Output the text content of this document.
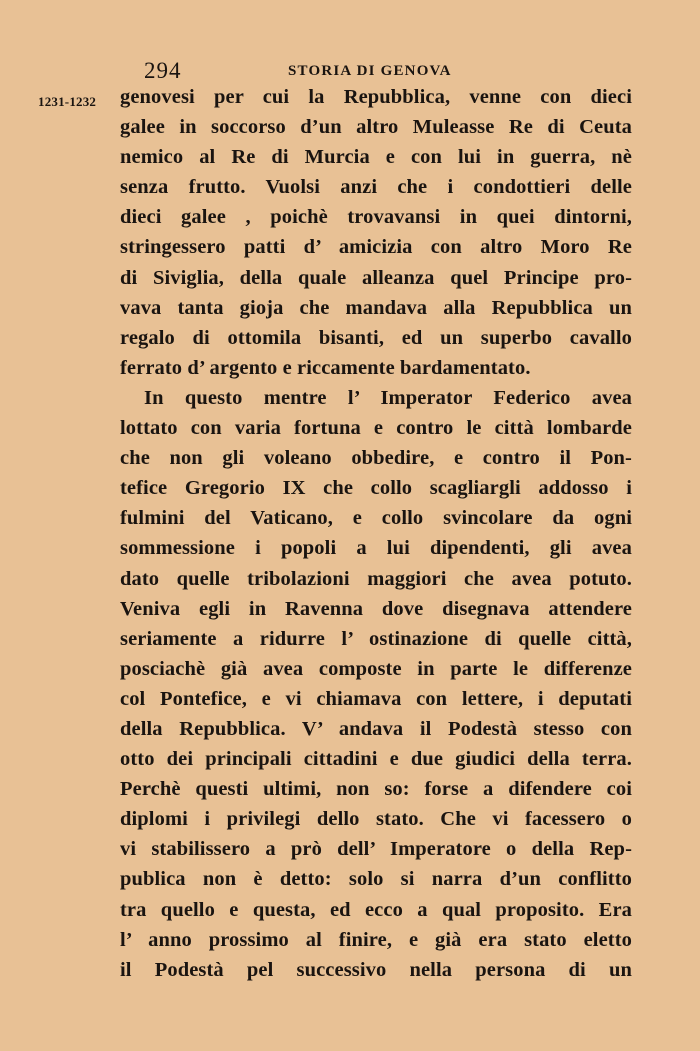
294	STORIA DI GENOVA
1231-1232 genovesi per cui la Repubblica, venne con dieci
galee in soccorso d’un altro Muleasse Re di Ceuta
nemico al Re di Murcia e con lui in guerra, nè
senza frutto. Vuolsi anzi che i condottieri delle
dieci galee , poichè trovavansi in quei dintorni,
stringessero patti d’ amicizia con altro Moro Re
di Siviglia, della quale alleanza quel Principe pro-
vava tanta gioja che mandava alla Repubblica un
regalo di ottomila bisanti, ed un superbo cavallo
ferrato d’ argento e riccamente bardamentato.
In questo mentre l’ Imperator Federico avea
lottato con varia fortuna e contro le città lombarde
che non gli voleano obbedire, e contro il Pon-
tefice Gregorio IX che collo scagliargli addosso i
fulmini del Vaticano, e collo svincolare da ogni
sommessione i popoli a lui dipendenti, gli avea
dato quelle tribolazioni maggiori che avea potuto.
Veniva egli in Ravenna dove disegnava attendere
seriamente a ridurre l’ ostinazione di quelle città,
posciachè già avea composte in parte le differenze
col Pontefice, e vi chiamava con lettere, i deputati
della Repubblica. V’ andava il Podestà stesso con
otto dei principali cittadini e due giudici della terra.
Perchè questi ultimi, non so: forse a difendere coi
diplomi i privilegi dello stato. Che vi facessero o
vi stabilissero a prò dell’ Imperatore o della Rep-
publica non è detto: solo si narra d’un conflitto
tra quello e questa, ed ecco a qual proposito. Era
l’ anno prossimo al finire, e già era stato eletto
il Podestà pel successivo nella persona di un
